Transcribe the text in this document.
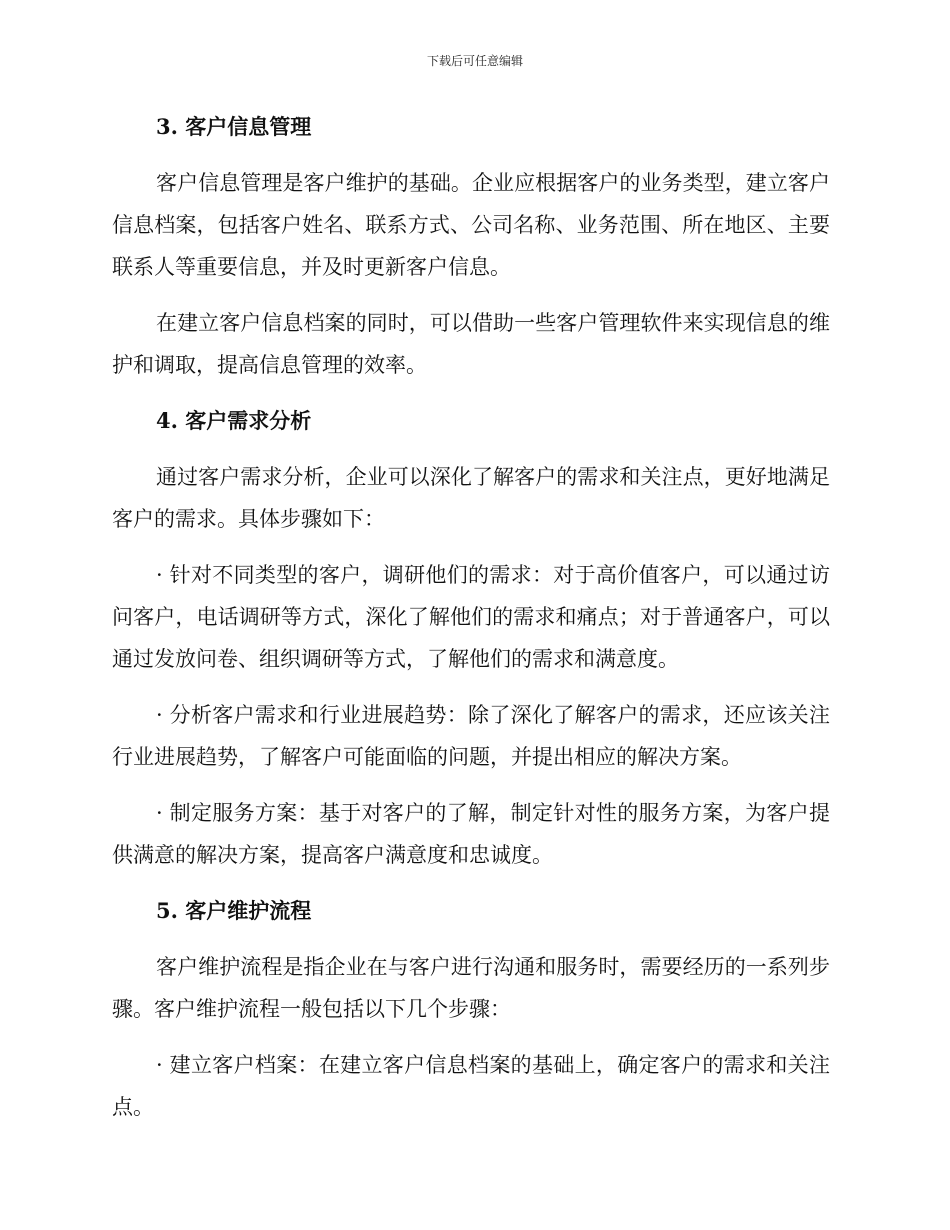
下载后可任意编辑
3. 客户信息管理

客户信息管理是客户维护的基础。企业应根据客户的业务类型，建立客户信息档案，包括客户姓名、联系方式、公司名称、业务范围、所在地区、主要联系人等重要信息，并及时更新客户信息。

在建立客户信息档案的同时，可以借助一些客户管理软件来实现信息的维护和调取，提高信息管理的效率。

4. 客户需求分析

通过客户需求分析，企业可以深化了解客户的需求和关注点，更好地满足客户的需求。具体步骤如下：

· 针对不同类型的客户，调研他们的需求：对于高价值客户，可以通过访问客户，电话调研等方式，深化了解他们的需求和痛点；对于普通客户，可以通过发放问卷、组织调研等方式，了解他们的需求和满意度。

· 分析客户需求和行业进展趋势：除了深化了解客户的需求，还应该关注行业进展趋势，了解客户可能面临的问题，并提出相应的解决方案。

· 制定服务方案：基于对客户的了解，制定针对性的服务方案，为客户提供满意的解决方案，提高客户满意度和忠诚度。

5. 客户维护流程

客户维护流程是指企业在与客户进行沟通和服务时，需要经历的一系列步骤。客户维护流程一般包括以下几个步骤：

· 建立客户档案：在建立客户信息档案的基础上，确定客户的需求和关注点。
